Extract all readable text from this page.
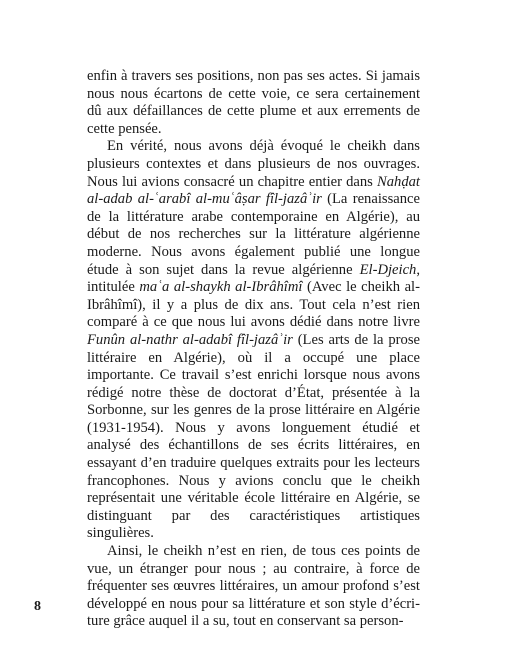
enfin à travers ses positions, non pas ses actes. Si jamais nous nous écartons de cette voie, ce sera certainement dû aux défaillances de cette plume et aux errements de cette pensée.

En vérité, nous avons déjà évoqué le cheikh dans plusieurs contextes et dans plusieurs de nos ouvrages. Nous lui avions consacré un chapitre entier dans Nahḍat al-adab al-ʿarabî al-muʿâṣar fîl-jazâʾir (La renaissance de la littérature arabe contemporaine en Algérie), au début de nos recherches sur la littérature algérienne moderne. Nous avons également publié une longue étude à son sujet dans la revue algérienne El-Djeich, intitulée maʿa al-shaykh al-Ibrâhîmî (Avec le cheikh al-Ibrâhîmî), il y a plus de dix ans. Tout cela n’est rien comparé à ce que nous lui avons dédié dans notre livre Funûn al-nathr al-adabî fîl-jazâʾir (Les arts de la prose littéraire en Algérie), où il a occupé une place importante. Ce travail s’est enrichi lorsque nous avons rédigé notre thèse de doctorat d’État, présentée à la Sorbonne, sur les genres de la prose littéraire en Algérie (1931-1954). Nous y avons longuement étudié et analysé des échantillons de ses écrits littéraires, en essayant d’en traduire quelques extraits pour les lecteurs francophones. Nous y avions conclu que le cheikh représentait une véritable école littéraire en Algérie, se distinguant par des caractéristiques artistiques singulières.

Ainsi, le cheikh n’est en rien, de tous ces points de vue, un étranger pour nous ; au contraire, à force de fréquenter ses œuvres littéraires, un amour profond s’est développé en nous pour sa littérature et son style d’écriture grâce auquel il a su, tout en conservant sa person-

8
